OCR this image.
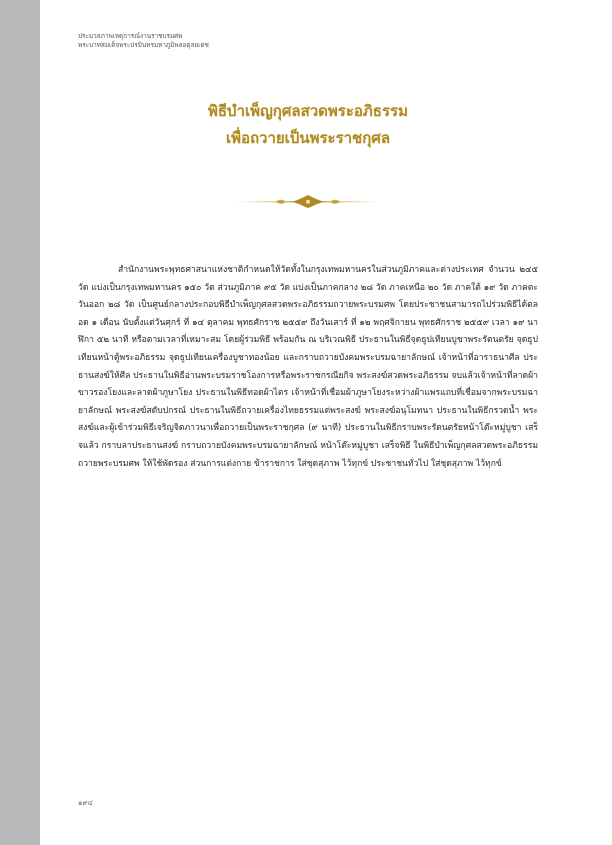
ประมวลภาพเหตุการณ์งานราชบรมศพ
พระบาทสมเด็จพระปรมินทรมหาภูมิพลอดุลยเดช
พิธีบำเพ็ญกุศลสวดพระอภิธรรม
เพื่อถวายเป็นพระราชกุศล
สำนักงานพระพุทธศาสนาแห่งชาติกำหนดให้วัดทั้งในกรุงเทพมหานครในส่วนภูมิภาคและต่างประเทศ จำนวน ๒๔๕ วัด แบ่งเป็นกรุงเทพมหานคร ๑๕๐ วัด ส่วนภูมิภาค ๙๕ วัด แบ่งเป็นภาคกลาง ๒๘ วัด ภาคเหนือ ๒๐ วัด ภาคใต้ ๑๙ วัด ภาคตะวันออก ๒๘ วัด เป็นศูนย์กลางประกอบพิธีบำเพ็ญกุศลสวดพระอภิธรรมถวายพระบรมศพ โดยประชาชนสามารถไปร่วมพิธีได้ตลอด ๑ เดือน นับตั้งแต่วันศุกร์ ที่ ๑๔ ตุลาคม พุทธศักราช ๒๕๕๙ ถึงวันเสาร์ ที่ ๑๒ พฤศจิกายน พุทธศักราช ๒๕๕๙ เวลา ๑๙ นาฬิกา ๕๒ นาที หรือตามเวลาที่เหมาะสม โดยผู้ร่วมพิธี พร้อมกัน ณ บริเวณพิธี ประธานในพิธีจุดธูปเทียนบูชาพระรัตนตรัย จุดธูปเทียนหน้าตู้พระอภิธรรม จุดธูปเทียนเครื่องบูชาทองน้อย และกราบถวายบังคมพระบรมฉายาลักษณ์ เจ้าหน้าที่อาราธนาศีล ประธานสงฆ์ให้ศีล ประธานในพิธีอ่านพระบรมราชโองการหรือพระราชกรณียกิจ พระสงฆ์สวดพระอภิธรรม จบแล้วเจ้าหน้าที่ลาดผ้าขาวรองโยงและลาดผ้าภูษาโยง ประธานในพิธีทอดผ้าไตร เจ้าหน้าที่เชื่อมผ้าภูษาโยงระหว่างผ้าแพรแถบที่เชื่อมจากพระบรมฉายาลักษณ์ พระสงฆ์สดับปกรณ์ ประธานในพิธีถวายเครื่องไทยธรรมแด่พระสงฆ์ พระสงฆ์อนุโมทนา ประธานในพิธีกรวดน้ำ พระสงฆ์และผู้เข้าร่วมพิธีเจริญจิตภาวนาเพื่อถวายเป็นพระราชกุศล (๙ นาที) ประธานในพิธีกราบพระรัตนตรัยหน้าโต๊ะหมู่บูชา เสร็จแล้ว กราบลาประธานสงฆ์ กราบถวายบังคมพระบรมฉายาลักษณ์ หน้าโต๊ะหมู่บูชา เสร็จพิธี ในพิธีบำเพ็ญกุศลสวดพระอภิธรรมถวายพระบรมศพ ให้ใช้พัดรอง ส่วนการแต่งกาย ข้าราชการ ใส่ชุดสุภาพ ไว้ทุกข์ ประชาชนทั่วไป ใส่ชุดสุภาพ ไว้ทุกข์
๑๙๔
